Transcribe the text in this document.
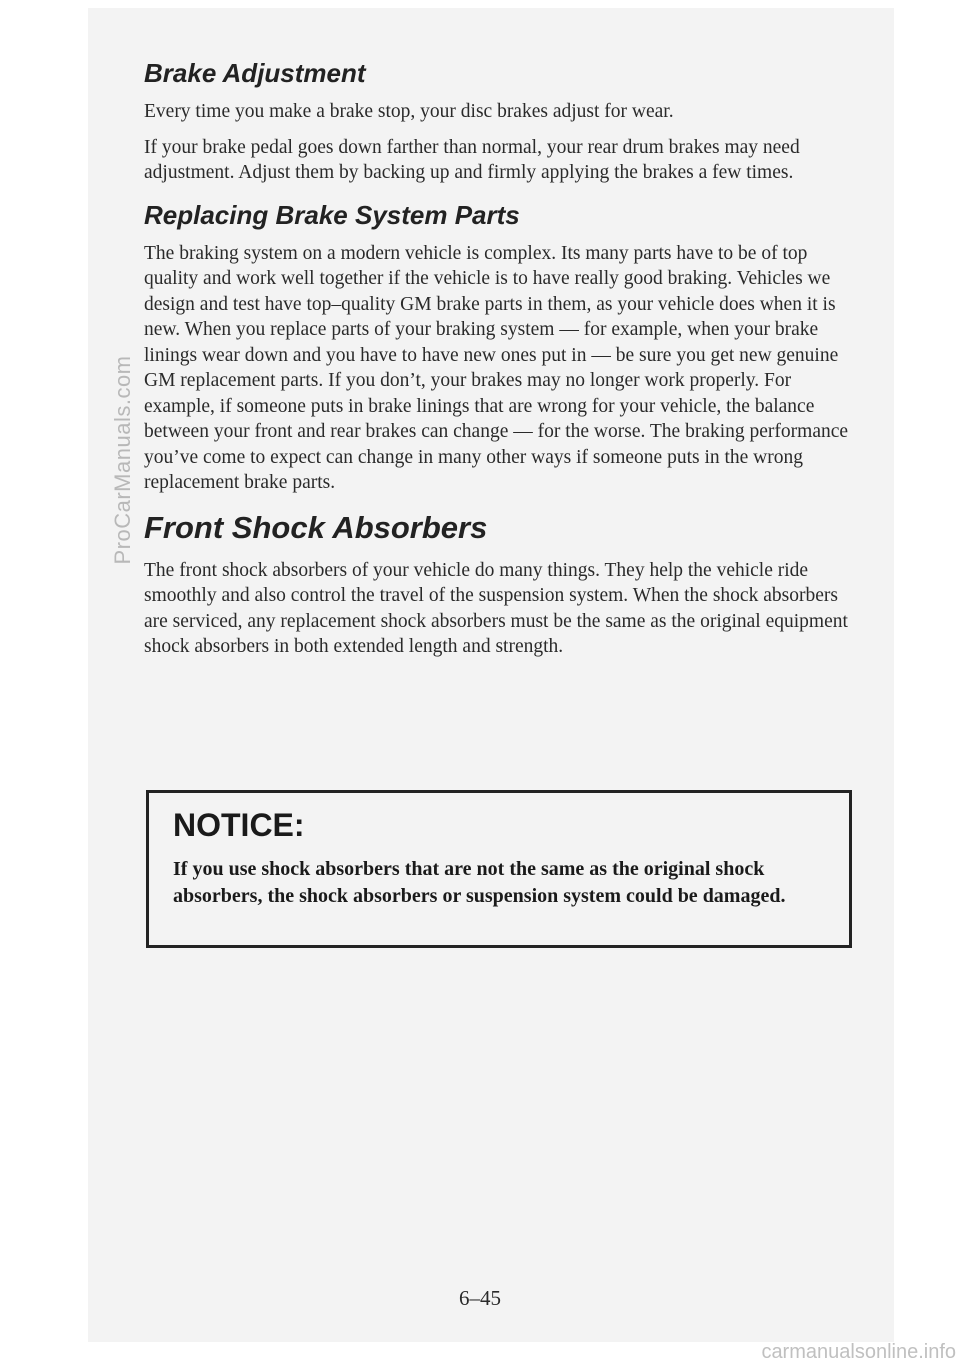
ProCarManuals.com
Brake Adjustment

Every time you make a brake stop, your disc brakes adjust for wear.

If your brake pedal goes down farther than normal, your rear drum brakes may need adjustment. Adjust them by backing up and firmly applying the brakes a few times.

Replacing Brake System Parts

The braking system on a modern vehicle is complex. Its many parts have to be of top quality and work well together if the vehicle is to have really good braking. Vehicles we design and test have top–quality GM brake parts in them, as your vehicle does when it is new. When you replace parts of your braking system — for example, when your brake linings wear down and you have to have new ones put in — be sure you get new genuine GM replacement parts. If you don’t, your brakes may no longer work properly. For example, if someone puts in brake linings that are wrong for your vehicle, the balance between your front and rear brakes can change — for the worse. The braking performance you’ve come to expect can change in many other ways if someone puts in the wrong replacement brake parts.

Front Shock Absorbers

The front shock absorbers of your vehicle do many things. They help the vehicle ride smoothly and also control the travel of the suspension system. When the shock absorbers are serviced, any replacement shock absorbers must be the same as the original equipment shock absorbers in both extended length and strength.

NOTICE:

If you use shock absorbers that are not the same as the original shock absorbers, the shock absorbers or suspension system could be damaged.

6–45
carmanualsonline.info
